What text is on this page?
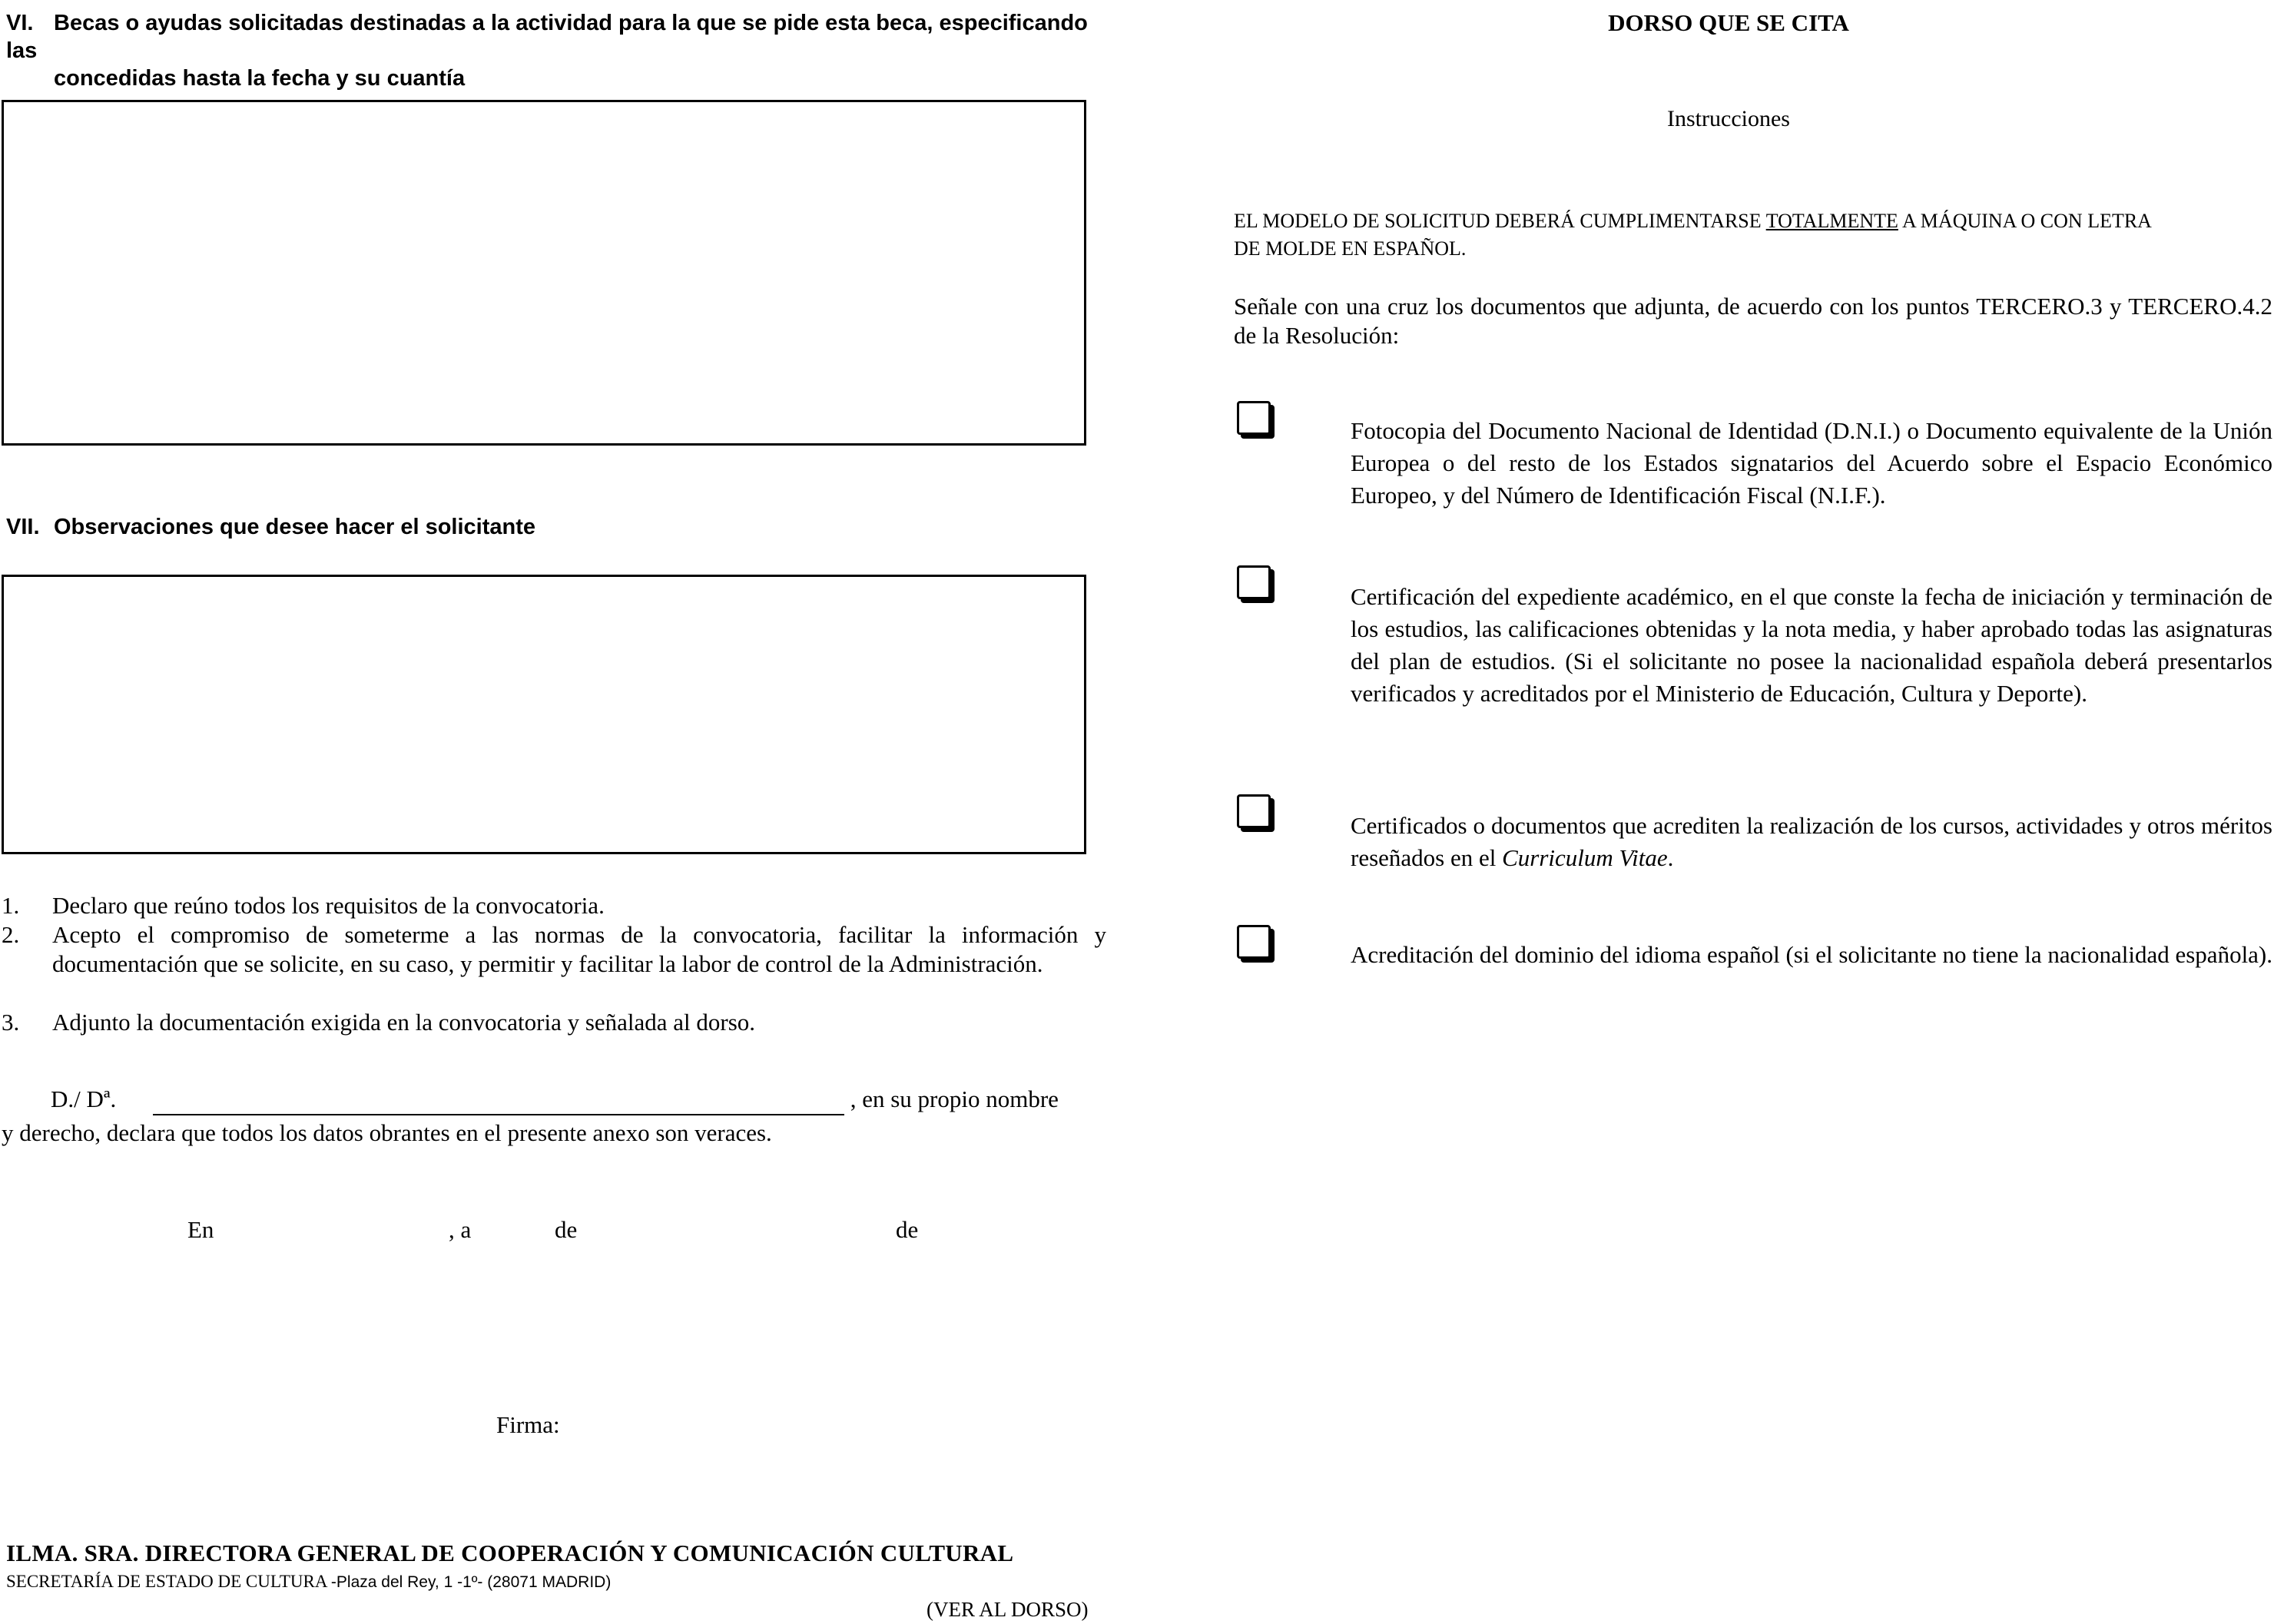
VI. Becas o ayudas solicitadas destinadas a la actividad para la que se pide esta beca, especificando las
concedidas hasta la fecha y su cuantía
VII. Observaciones que desee hacer el solicitante
1.	Declaro que reúno todos los requisitos de la convocatoria.
2.	Acepto el compromiso de someterme a las normas de la convocatoria, facilitar la información y documentación que se solicite, en su caso, y permitir y facilitar la labor de control de la Administración.
3.	Adjunto la documentación exigida en la convocatoria y señalada al dorso.
D./ Dª.	, en su propio nombre
y derecho, declara que todos los datos obrantes en el presente anexo son veraces.
En	, a	de	de
Firma:
ILMA. SRA. DIRECTORA GENERAL DE COOPERACIÓN Y COMUNICACIÓN CULTURAL
SECRETARÍA DE ESTADO DE CULTURA -Plaza del Rey, 1 -1º- (28071 MADRID)
(VER AL DORSO)
DORSO QUE SE CITA
Instrucciones
EL MODELO DE SOLICITUD DEBERÁ CUMPLIMENTARSE TOTALMENTE A MÁQUINA O CON LETRA
DE MOLDE EN ESPAÑOL.
Señale con una cruz los documentos que adjunta, de acuerdo con los puntos TERCERO.3 y TERCERO.4.2 de la Resolución:
Fotocopia del Documento Nacional de Identidad (D.N.I.) o Documento equivalente de la Unión Europea o del resto de los Estados signatarios del Acuerdo sobre el Espacio Económico Europeo, y del Número de Identificación Fiscal (N.I.F.).
Certificación del expediente académico, en el que conste la fecha de iniciación y terminación de los estudios, las calificaciones obtenidas y la nota media, y haber aprobado todas las asignaturas del plan de estudios. (Si el solicitante no posee la nacionalidad española deberá presentarlos verificados y acreditados por el Ministerio de Educación, Cultura y Deporte).
Certificados o documentos que acrediten la realización de los cursos, actividades y otros méritos reseñados en el Curriculum Vitae.
Acreditación del dominio del idioma español (si el solicitante no tiene la nacionalidad española).
